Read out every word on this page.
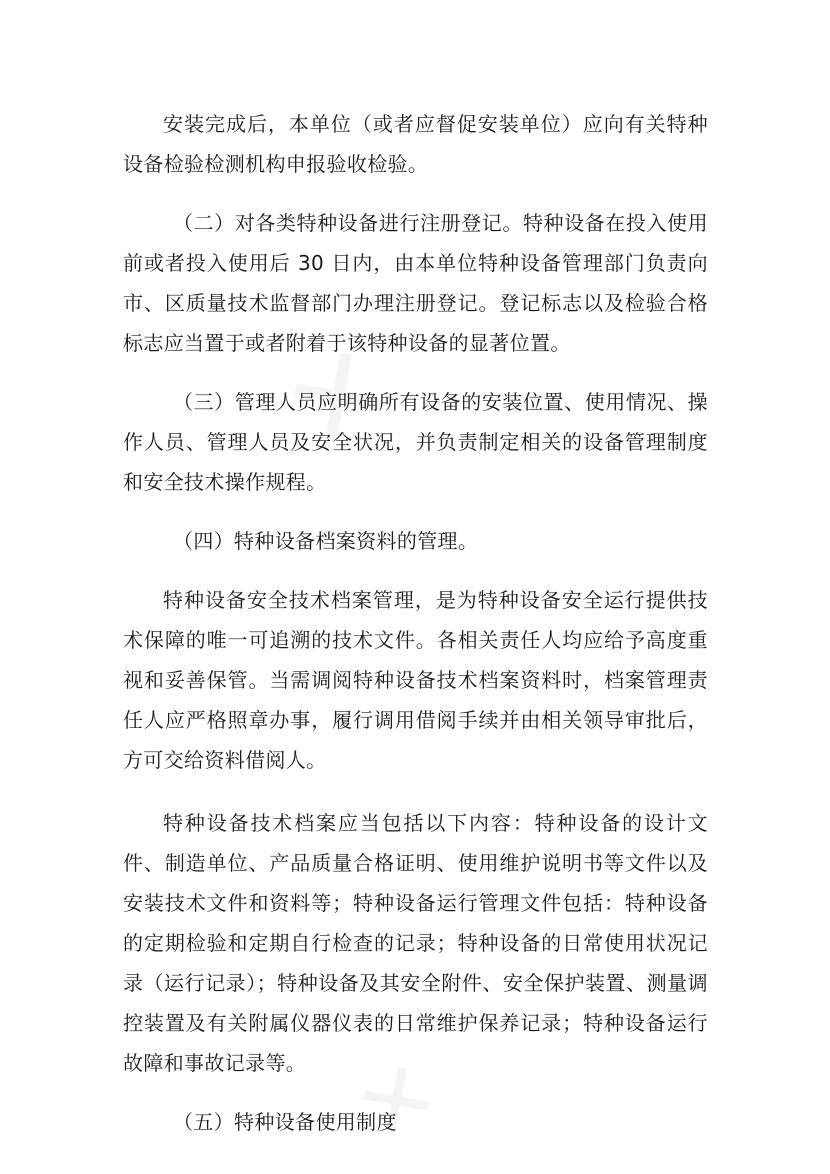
安装完成后，本单位（或者应督促安装单位）应向有关特种设备检验检测机构申报验收检验。

（二）对各类特种设备进行注册登记。特种设备在投入使用前或者投入使用后 30 日内，由本单位特种设备管理部门负责向市、区质量技术监督部门办理注册登记。登记标志以及检验合格标志应当置于或者附着于该特种设备的显著位置。

（三）管理人员应明确所有设备的安装位置、使用情况、操作人员、管理人员及安全状况，并负责制定相关的设备管理制度和安全技术操作规程。

（四）特种设备档案资料的管理。

特种设备安全技术档案管理，是为特种设备安全运行提供技术保障的唯一可追溯的技术文件。各相关责任人均应给予高度重视和妥善保管。当需调阅特种设备技术档案资料时，档案管理责任人应严格照章办事，履行调用借阅手续并由相关领导审批后，方可交给资料借阅人。

特种设备技术档案应当包括以下内容：特种设备的设计文件、制造单位、产品质量合格证明、使用维护说明书等文件以及安装技术文件和资料等；特种设备运行管理文件包括：特种设备的定期检验和定期自行检查的记录；特种设备的日常使用状况记录（运行记录）；特种设备及其安全附件、安全保护装置、测量调控装置及有关附属仪器仪表的日常维护保养记录；特种设备运行故障和事故记录等。

（五）特种设备使用制度
